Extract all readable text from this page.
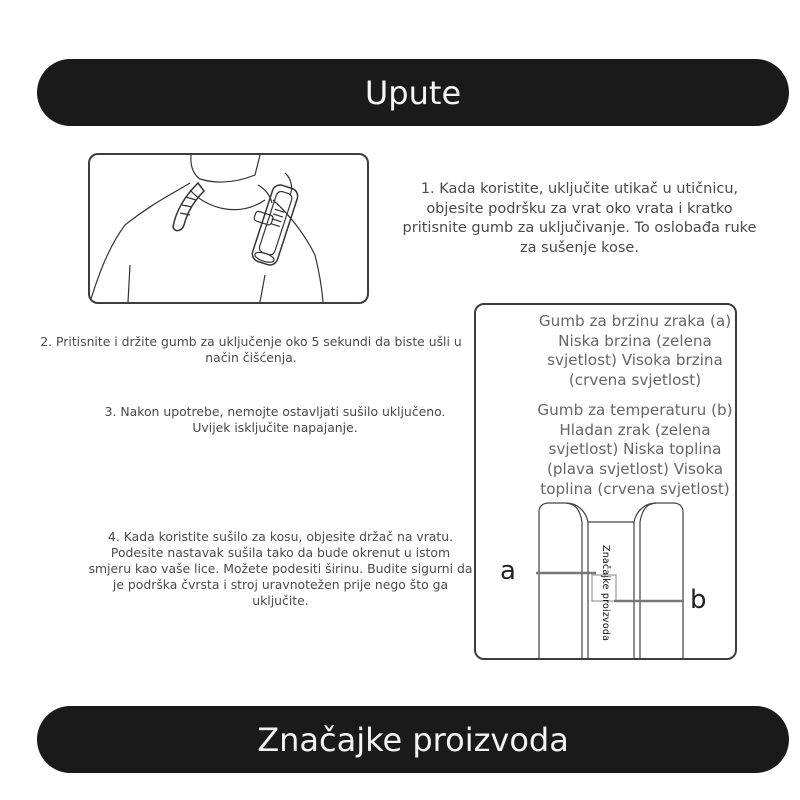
Upute
1. Kada koristite, uključite utikač u utičnicu, objesite podršku za vrat oko vrata i kratko pritisnite gumb za uključivanje. To oslobađa ruke za sušenje kose.
2. Pritisnite i držite gumb za uključenje oko 5 sekundi da biste ušli u način čišćenja.
3. Nakon upotrebe, nemojte ostavljati sušilo uključeno. Uvijek isključite napajanje.
4. Kada koristite sušilo za kosu, objesite držač na vratu. Podesite nastavak sušila tako da bude okrenut u istom smjeru kao vaše lice. Možete podesiti širinu. Budite sigurni da je podrška čvrsta i stroj uravnotežen prije nego što ga uključite.
Gumb za brzinu zraka (a) Niska brzina (zelena svjetlost) Visoka brzina (crvena svjetlost)
Gumb za temperaturu (b) Hladan zrak (zelena svjetlost) Niska toplina (plava svjetlost) Visoka toplina (crvena svjetlost)
a
b
Značajke proizvoda
Značajke proizvoda
